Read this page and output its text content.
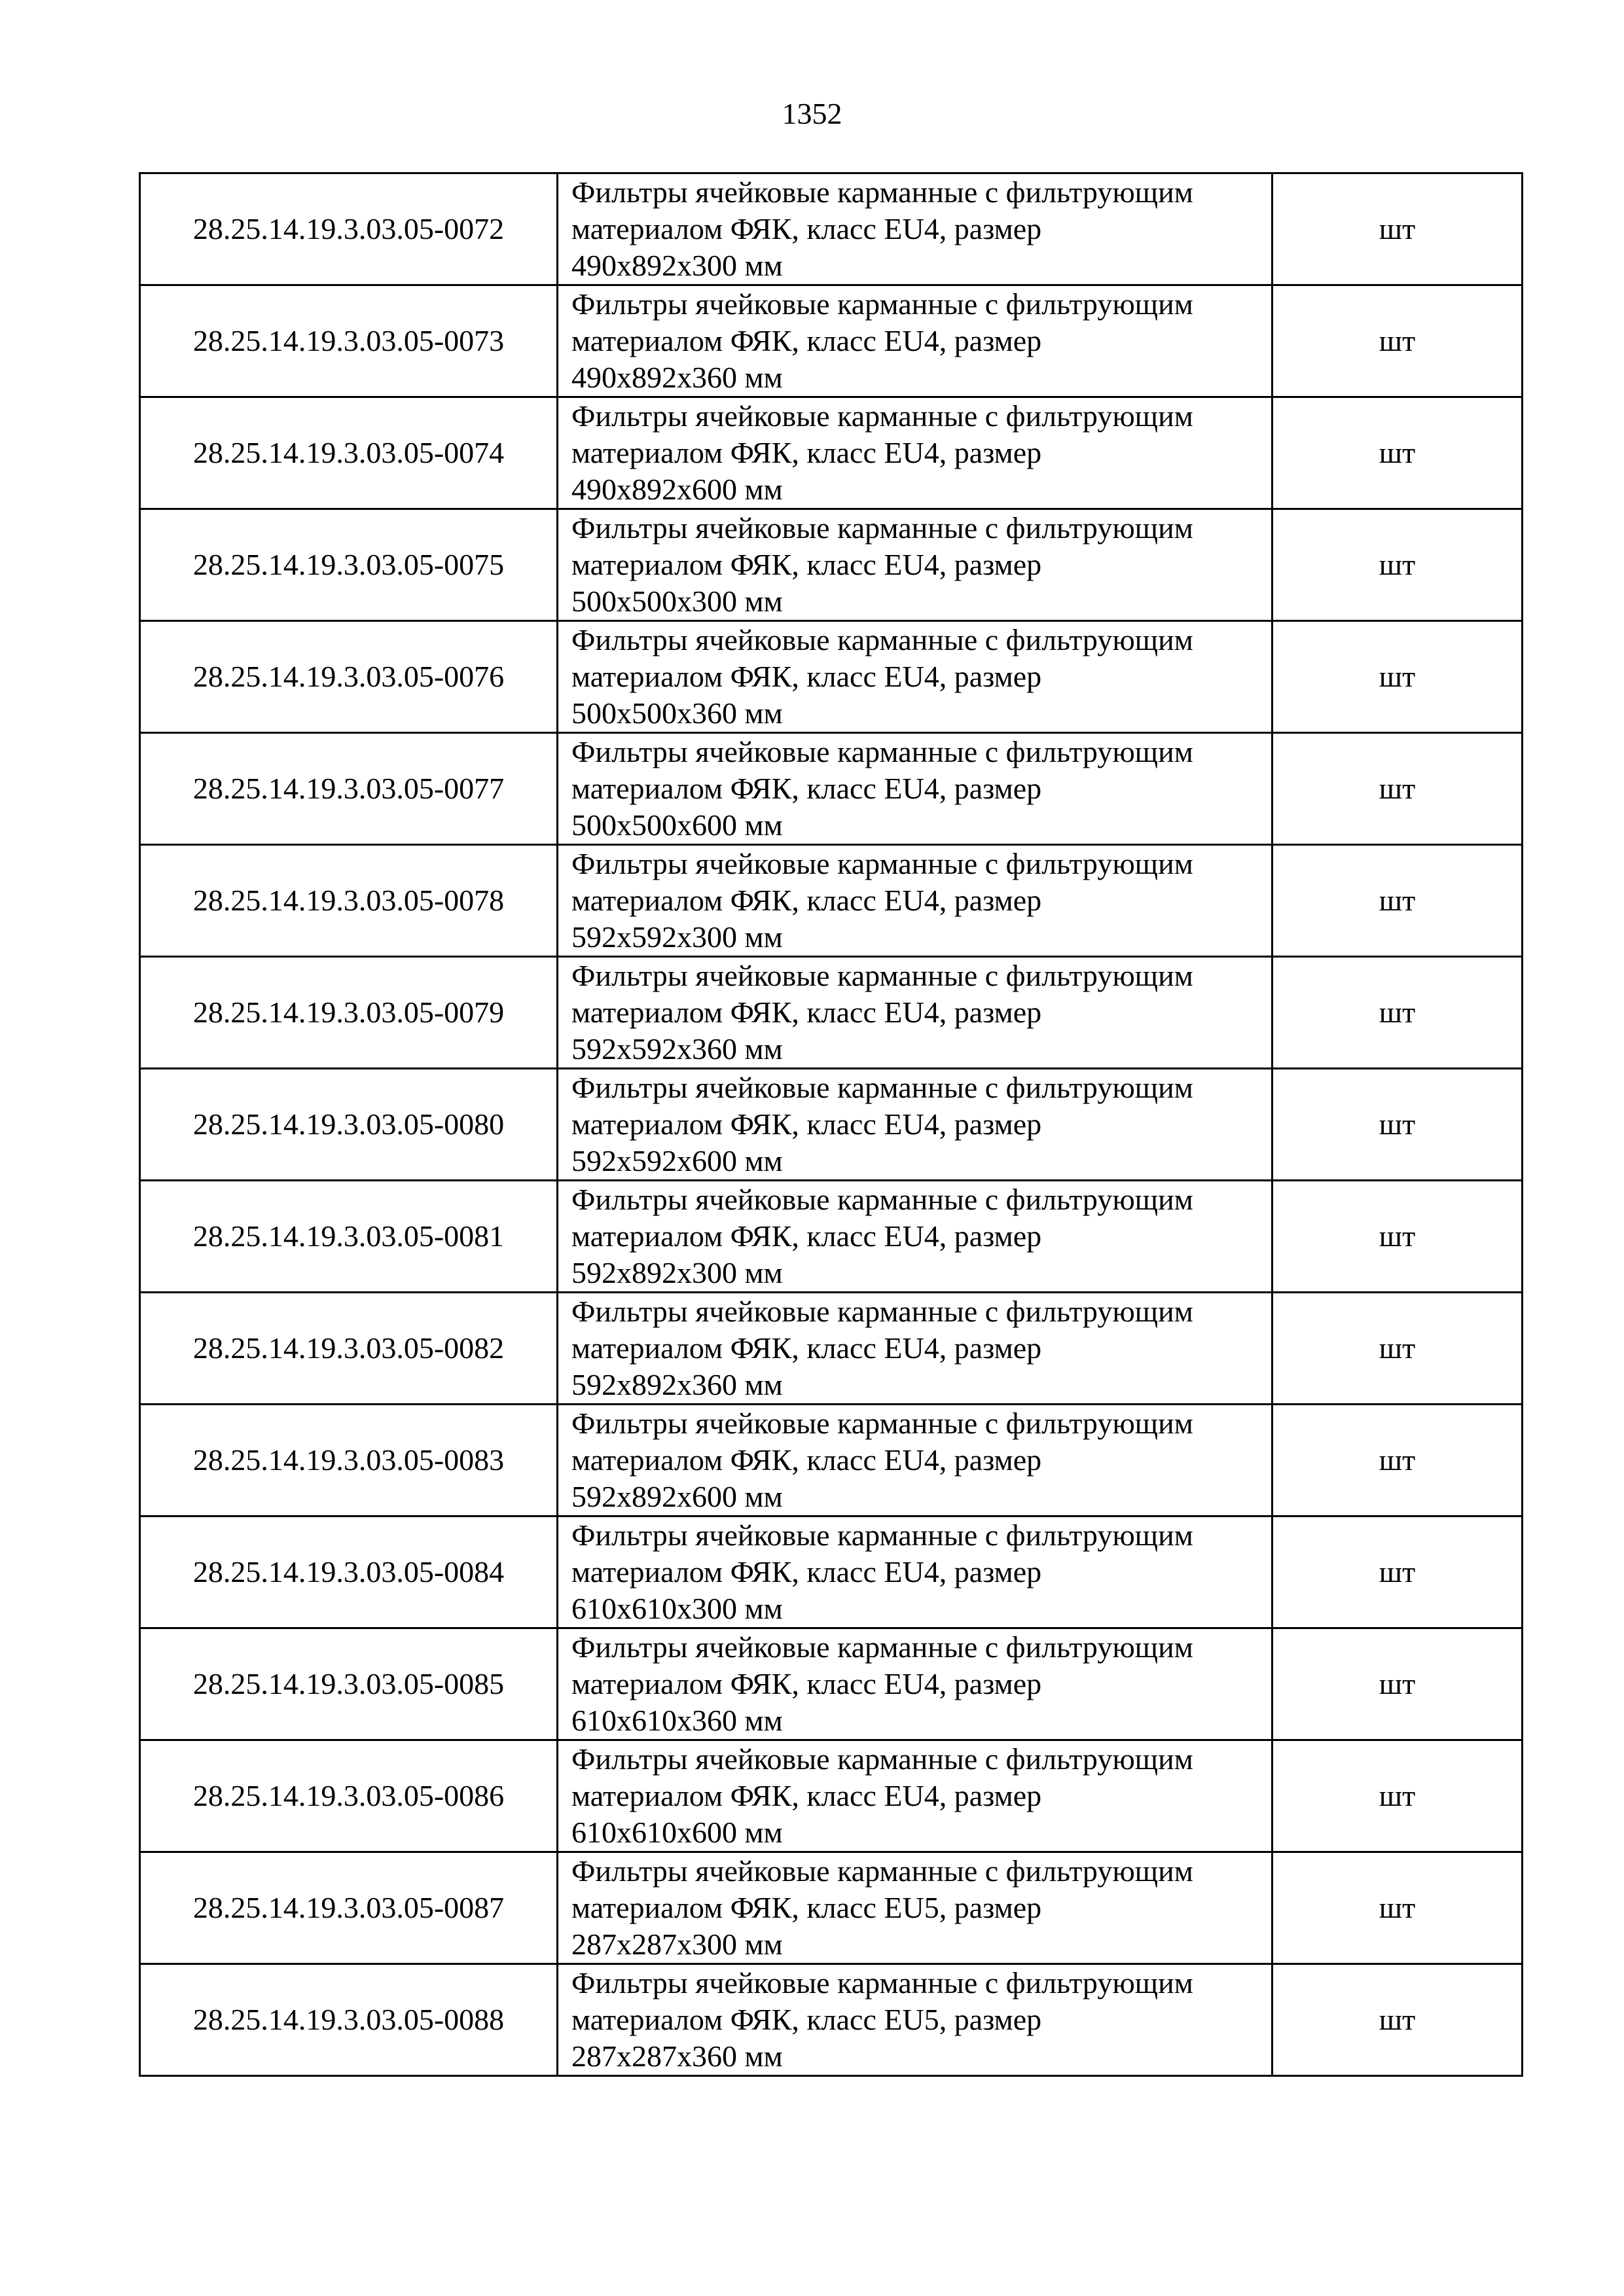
1352
28.25.14.19.3.03.05-0072	Фильтры ячейковые карманные с фильтрующим
материалом ФЯК, класс EU4, размер
490х892х300 мм	шт
28.25.14.19.3.03.05-0073	Фильтры ячейковые карманные с фильтрующим
материалом ФЯК, класс EU4, размер
490х892х360 мм	шт
28.25.14.19.3.03.05-0074	Фильтры ячейковые карманные с фильтрующим
материалом ФЯК, класс EU4, размер
490х892х600 мм	шт
28.25.14.19.3.03.05-0075	Фильтры ячейковые карманные с фильтрующим
материалом ФЯК, класс EU4, размер
500х500х300 мм	шт
28.25.14.19.3.03.05-0076	Фильтры ячейковые карманные с фильтрующим
материалом ФЯК, класс EU4, размер
500х500х360 мм	шт
28.25.14.19.3.03.05-0077	Фильтры ячейковые карманные с фильтрующим
материалом ФЯК, класс EU4, размер
500х500х600 мм	шт
28.25.14.19.3.03.05-0078	Фильтры ячейковые карманные с фильтрующим
материалом ФЯК, класс EU4, размер
592х592х300 мм	шт
28.25.14.19.3.03.05-0079	Фильтры ячейковые карманные с фильтрующим
материалом ФЯК, класс EU4, размер
592х592х360 мм	шт
28.25.14.19.3.03.05-0080	Фильтры ячейковые карманные с фильтрующим
материалом ФЯК, класс EU4, размер
592х592х600 мм	шт
28.25.14.19.3.03.05-0081	Фильтры ячейковые карманные с фильтрующим
материалом ФЯК, класс EU4, размер
592х892х300 мм	шт
28.25.14.19.3.03.05-0082	Фильтры ячейковые карманные с фильтрующим
материалом ФЯК, класс EU4, размер
592х892х360 мм	шт
28.25.14.19.3.03.05-0083	Фильтры ячейковые карманные с фильтрующим
материалом ФЯК, класс EU4, размер
592х892х600 мм	шт
28.25.14.19.3.03.05-0084	Фильтры ячейковые карманные с фильтрующим
материалом ФЯК, класс EU4, размер
610х610х300 мм	шт
28.25.14.19.3.03.05-0085	Фильтры ячейковые карманные с фильтрующим
материалом ФЯК, класс EU4, размер
610х610х360 мм	шт
28.25.14.19.3.03.05-0086	Фильтры ячейковые карманные с фильтрующим
материалом ФЯК, класс EU4, размер
610х610х600 мм	шт
28.25.14.19.3.03.05-0087	Фильтры ячейковые карманные с фильтрующим
материалом ФЯК, класс EU5, размер
287х287х300 мм	шт
28.25.14.19.3.03.05-0088	Фильтры ячейковые карманные с фильтрующим
материалом ФЯК, класс EU5, размер
287х287х360 мм	шт
